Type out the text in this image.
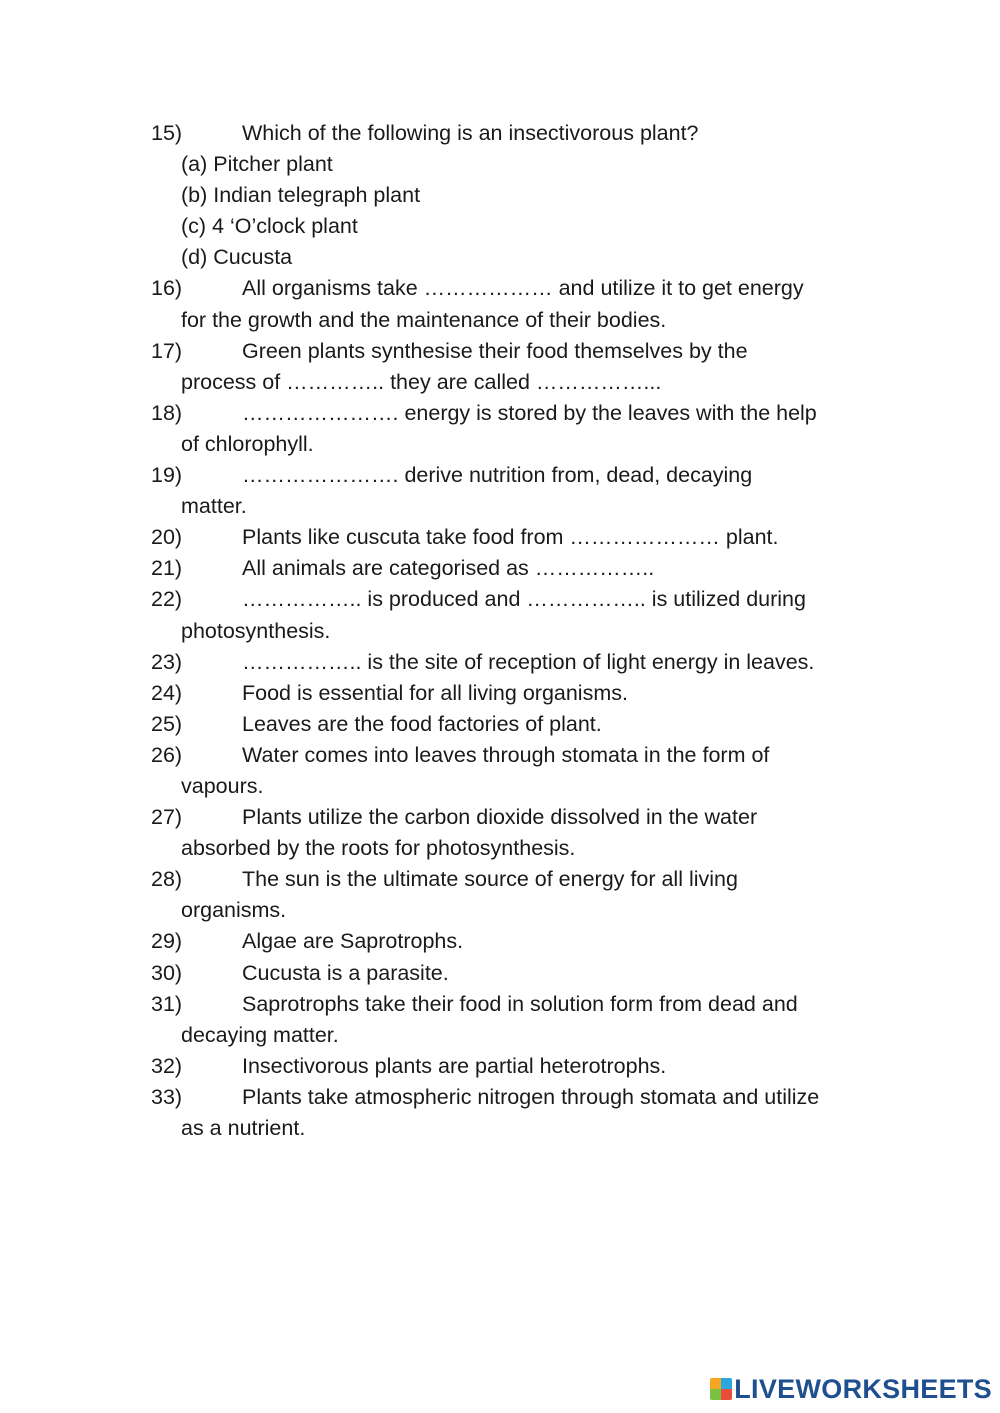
15)	Which of the following is an insectivorous plant?
(a) Pitcher plant
(b) Indian telegraph plant
(c) 4 ‘O’clock plant
(d) Cucusta
16)	All organisms take ……………… and utilize it to get energy
for the growth and the maintenance of their bodies.
17)	Green plants synthesise their food themselves by the
process of ………….. they are called ……………...
18)	…………………. energy is stored by the leaves with the help
of chlorophyll.
19)	…………………. derive nutrition from, dead, decaying
matter.
20)	Plants like cuscuta take food from ………………… plant.
21)	All animals are categorised as ……………..
22)	…………….. is produced and …………….. is utilized during
photosynthesis.
23)	…………….. is the site of reception of light energy in leaves.
24)	Food is essential for all living organisms.
25)	Leaves are the food factories of plant.
26)	Water comes into leaves through stomata in the form of
vapours.
27)	Plants utilize the carbon dioxide dissolved in the water
absorbed by the roots for photosynthesis.
28)	The sun is the ultimate source of energy for all living
organisms.
29)	Algae are Saprotrophs.
30)	Cucusta is a parasite.
31)	Saprotrophs take their food in solution form from dead and
decaying matter.
32)	Insectivorous plants are partial heterotrophs.
33)	Plants take atmospheric nitrogen through stomata and utilize
as a nutrient.
LIVEWORKSHEETS
